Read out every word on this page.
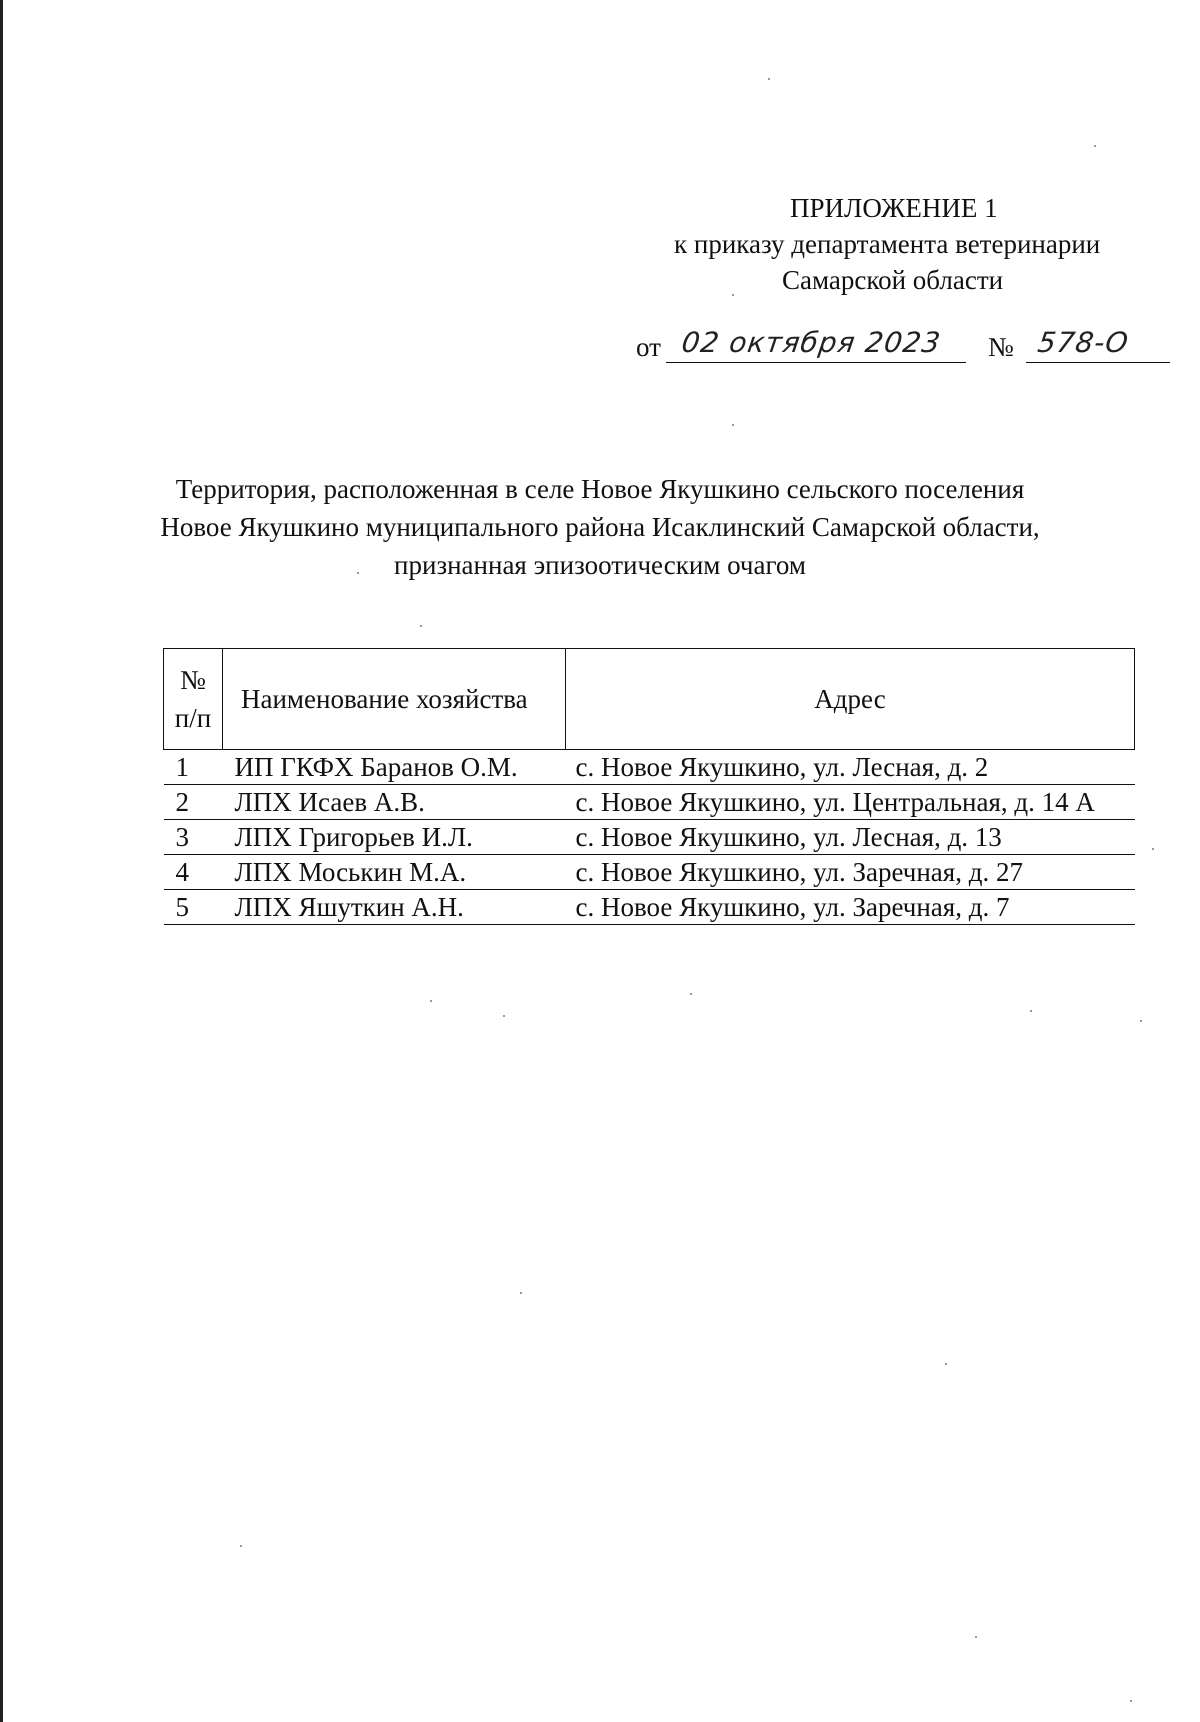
ПРИЛОЖЕНИЕ 1
к приказу департамента ветеринарии
Самарской области
от 02 октября 2023 № 578-О
Территория, расположенная в селе Новое Якушкино сельского поселения
Новое Якушкино муниципального района Исаклинский Самарской области,
признанная эпизоотическим очагом
№
п/п	Наименование хозяйства	Адрес
1	ИП ГКФХ Баранов О.М.	с. Новое Якушкино, ул. Лесная, д. 2
2	ЛПХ Исаев А.В.	с. Новое Якушкино, ул. Центральная, д. 14 А
3	ЛПХ Григорьев И.Л.	с. Новое Якушкино, ул. Лесная, д. 13
4	ЛПХ Моськин М.А.	с. Новое Якушкино, ул. Заречная, д. 27
5	ЛПХ Яшуткин А.Н.	с. Новое Якушкино, ул. Заречная, д. 7
